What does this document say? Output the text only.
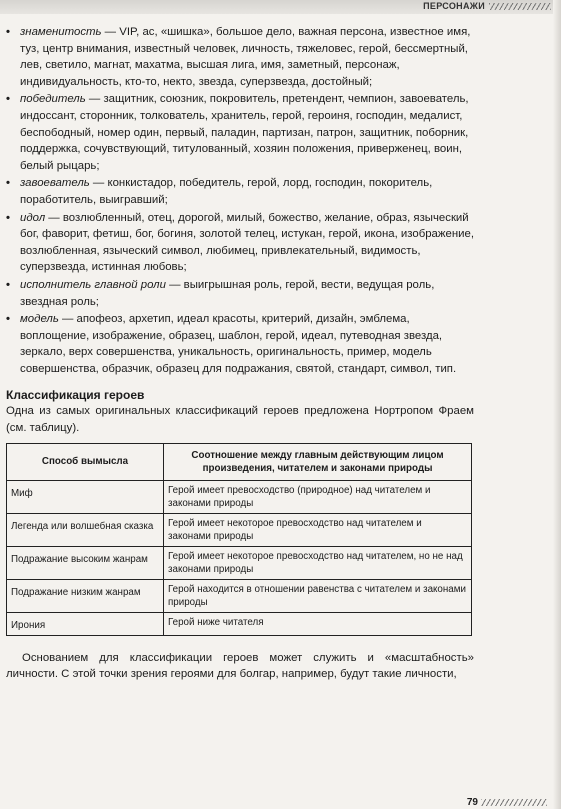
ПЕРСОНАЖИ
• знаменитость — VIP, ас, «шишка», большое дело, важная персона, известное имя, туз, центр внимания, известный человек, личность, тяжеловес, герой, бессмертный, лев, светило, магнат, махатма, высшая лига, имя, заметный, персонаж, индивидуальность, кто-то, некто, звезда, суперзвезда, достойный;
• победитель — защитник, союзник, покровитель, претендент, чемпион, завоеватель, индоссант, сторонник, толкователь, хранитель, герой, героиня, господин, медалист, беспободный, номер один, первый, паладин, партизан, патрон, защитник, поборник, поддержка, сочувствующий, титулованный, хозяин положения, приверженец, воин, белый рыцарь;
• завоеватель — конкистадор, победитель, герой, лорд, господин, покоритель, поработитель, выигравший;
• идол — возлюбленный, отец, дорогой, милый, божество, желание, образ, языческий бог, фаворит, фетиш, бог, богиня, золотой телец, истукан, герой, икона, изображение, возлюбленная, языческий символ, любимец, привлекательный, видимость, суперзвезда, истинная любовь;
• исполнитель главной роли — выигрышная роль, герой, вести, ведущая роль, звездная роль;
• модель — апофеоз, архетип, идеал красоты, критерий, дизайн, эмблема, воплощение, изображение, образец, шаблон, герой, идеал, путеводная звезда, зеркало, верх совершенства, уникальность, оригинальность, пример, модель совершенства, образчик, образец для подражания, святой, стандарт, символ, тип.
Классификация героев

Одна из самых оригинальных классификаций героев предложена Нортропом Фраем (см. таблицу).

Способ вымысла	Соотношение между главным действующим лицом произведения, читателем и законами природы
Миф	Герой имеет превосходство (природное) над читателем и законами природы
Легенда или волшебная сказка	Герой имеет некоторое превосходство над читателем и законами природы
Подражание высоким жанрам	Герой имеет некоторое превосходство над читателем, но не над законами природы
Подражание низким жанрам	Герой находится в отношении равенства с читателем и законами природы
Ирония	Герой ниже читателя

Основанием для классификации героев может служить и «масштабность» личности. С этой точки зрения героями для болгар, например, будут такие личности,

79
